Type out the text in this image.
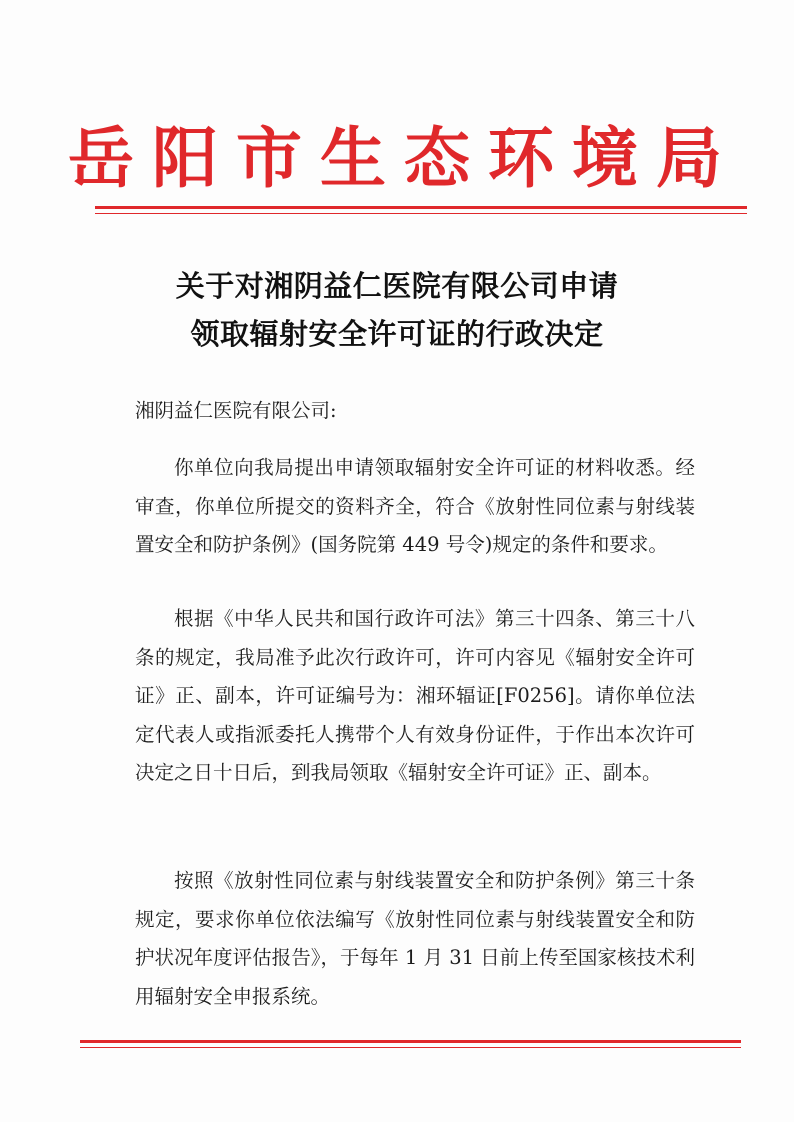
岳阳市生态环境局
关于对湘阴益仁医院有限公司申请
领取辐射安全许可证的行政决定
湘阴益仁医院有限公司:

你单位向我局提出申请领取辐射安全许可证的材料收悉。经审查，你单位所提交的资料齐全，符合《放射性同位素与射线装置安全和防护条例》(国务院第 449 号令)规定的条件和要求。

根据《中华人民共和国行政许可法》第三十四条、第三十八条的规定，我局准予此次行政许可，许可内容见《辐射安全许可证》正、副本，许可证编号为：湘环辐证[F0256]。请你单位法定代表人或指派委托人携带个人有效身份证件，于作出本次许可决定之日十日后，到我局领取《辐射安全许可证》正、副本。

按照《放射性同位素与射线装置安全和防护条例》第三十条规定，要求你单位依法编写《放射性同位素与射线装置安全和防护状况年度评估报告》，于每年 1 月 31 日前上传至国家核技术利用辐射安全申报系统。
